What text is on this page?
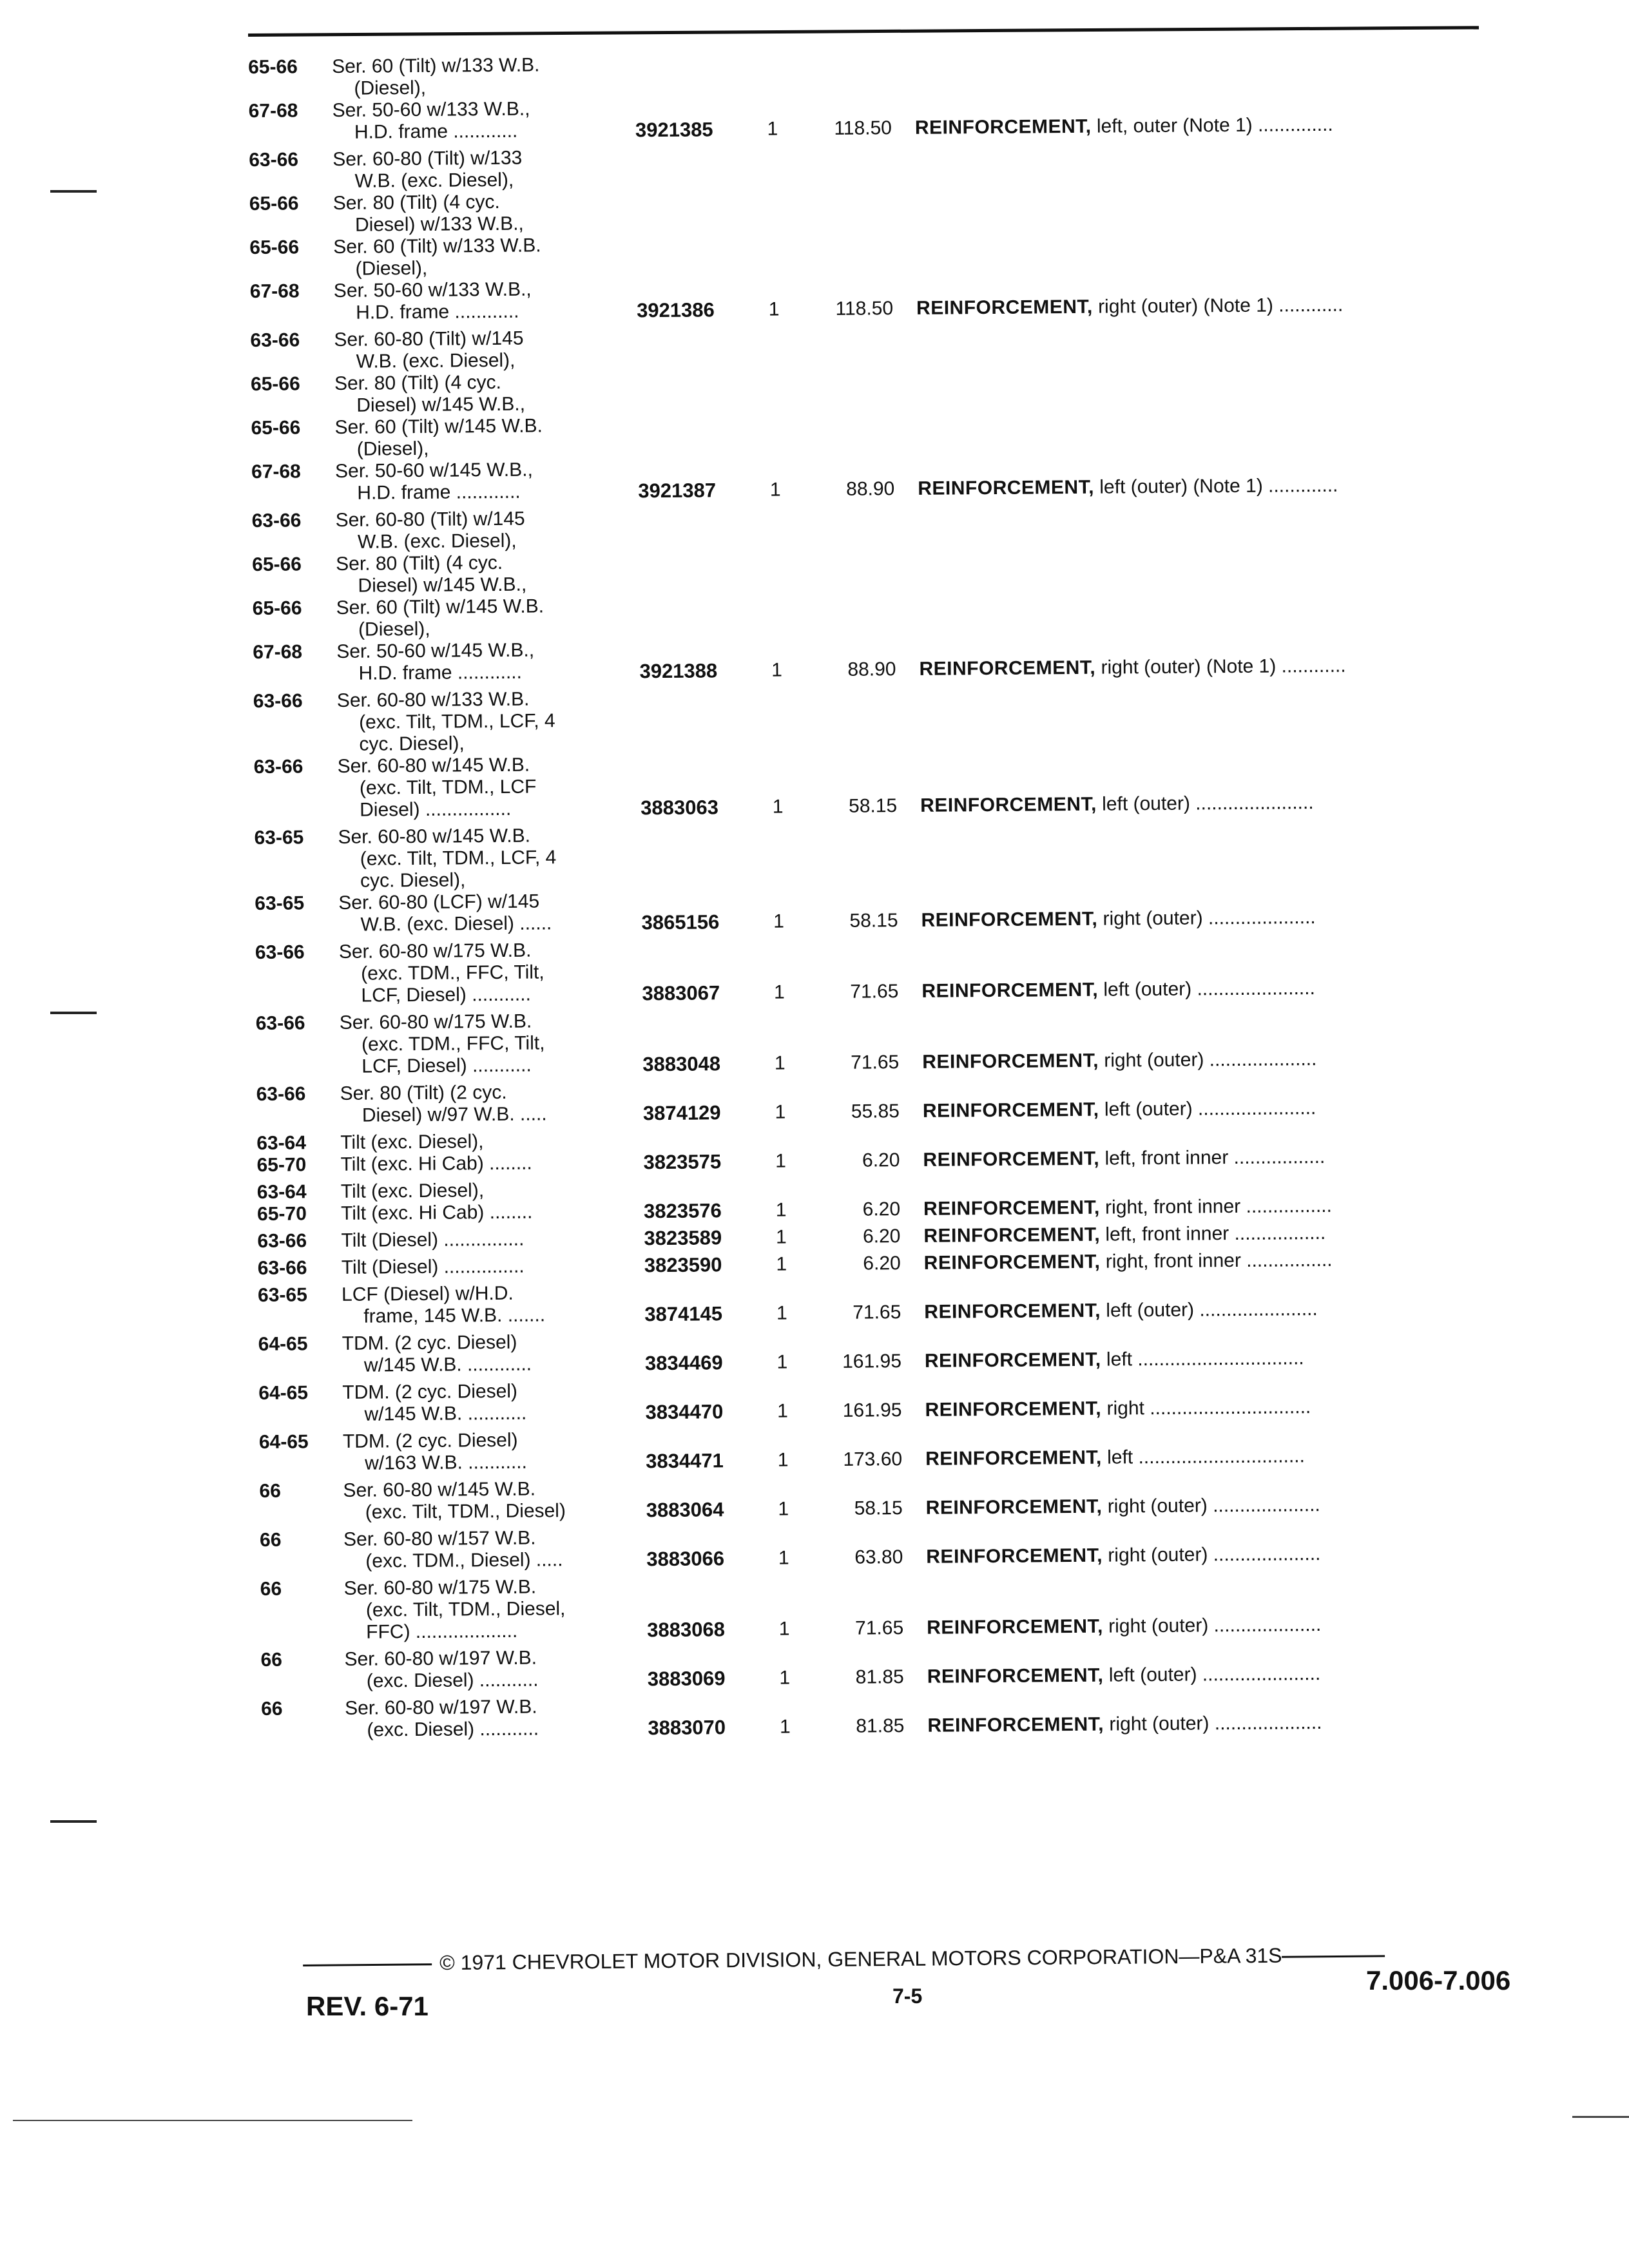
65-66	Ser. 60 (Tilt) w/133 W.B.
(Diesel),
67-68	Ser. 50-60 w/133 W.B.,
H.D. frame ............	3921385	1	118.50	REINFORCEMENT, left, outer (Note 1) ..............
63-66	Ser. 60-80 (Tilt) w/133
W.B. (exc. Diesel),
65-66	Ser. 80 (Tilt) (4 cyc.
Diesel) w/133 W.B.,
65-66	Ser. 60 (Tilt) w/133 W.B.
(Diesel),
67-68	Ser. 50-60 w/133 W.B.,
H.D. frame ............	3921386	1	118.50	REINFORCEMENT, right (outer) (Note 1) ............
63-66	Ser. 60-80 (Tilt) w/145
W.B. (exc. Diesel),
65-66	Ser. 80 (Tilt) (4 cyc.
Diesel) w/145 W.B.,
65-66	Ser. 60 (Tilt) w/145 W.B.
(Diesel),
67-68	Ser. 50-60 w/145 W.B.,
H.D. frame ............	3921387	1	88.90	REINFORCEMENT, left (outer) (Note 1) .............
63-66	Ser. 60-80 (Tilt) w/145
W.B. (exc. Diesel),
65-66	Ser. 80 (Tilt) (4 cyc.
Diesel) w/145 W.B.,
65-66	Ser. 60 (Tilt) w/145 W.B.
(Diesel),
67-68	Ser. 50-60 w/145 W.B.,
H.D. frame ............	3921388	1	88.90	REINFORCEMENT, right (outer) (Note 1) ............
63-66	Ser. 60-80 w/133 W.B.
(exc. Tilt, TDM., LCF, 4
cyc. Diesel),
63-66	Ser. 60-80 w/145 W.B.
(exc. Tilt, TDM., LCF
Diesel) ................	3883063	1	58.15	REINFORCEMENT, left (outer) ......................
63-65	Ser. 60-80 w/145 W.B.
(exc. Tilt, TDM., LCF, 4
cyc. Diesel),
63-65	Ser. 60-80 (LCF) w/145
W.B. (exc. Diesel) ......	3865156	1	58.15	REINFORCEMENT, right (outer) ....................
63-66	Ser. 60-80 w/175 W.B.
(exc. TDM., FFC, Tilt,
LCF, Diesel) ...........	3883067	1	71.65	REINFORCEMENT, left (outer) ......................
63-66	Ser. 60-80 w/175 W.B.
(exc. TDM., FFC, Tilt,
LCF, Diesel) ...........	3883048	1	71.65	REINFORCEMENT, right (outer) ....................
63-66	Ser. 80 (Tilt) (2 cyc.
Diesel) w/97 W.B. .....	3874129	1	55.85	REINFORCEMENT, left (outer) ......................
63-64	Tilt (exc. Diesel),
65-70	Tilt (exc. Hi Cab) ........	3823575	1	6.20	REINFORCEMENT, left, front inner .................
63-64	Tilt (exc. Diesel),
65-70	Tilt (exc. Hi Cab) ........	3823576	1	6.20	REINFORCEMENT, right, front inner ................
63-66	Tilt (Diesel) ...............	3823589	1	6.20	REINFORCEMENT, left, front inner .................
63-66	Tilt (Diesel) ...............	3823590	1	6.20	REINFORCEMENT, right, front inner ................
63-65	LCF (Diesel) w/H.D.
frame, 145 W.B. .......	3874145	1	71.65	REINFORCEMENT, left (outer) ......................
64-65	TDM. (2 cyc. Diesel)
w/145 W.B. ............	3834469	1	161.95	REINFORCEMENT, left ...............................
64-65	TDM. (2 cyc. Diesel)
w/145 W.B. ...........	3834470	1	161.95	REINFORCEMENT, right ..............................
64-65	TDM. (2 cyc. Diesel)
w/163 W.B. ...........	3834471	1	173.60	REINFORCEMENT, left ...............................
66	Ser. 60-80 w/145 W.B.
(exc. Tilt, TDM., Diesel)	3883064	1	58.15	REINFORCEMENT, right (outer) ....................
66	Ser. 60-80 w/157 W.B.
(exc. TDM., Diesel) .....	3883066	1	63.80	REINFORCEMENT, right (outer) ....................
66	Ser. 60-80 w/175 W.B.
(exc. Tilt, TDM., Diesel,
FFC) ...................	3883068	1	71.65	REINFORCEMENT, right (outer) ....................
66	Ser. 60-80 w/197 W.B.
(exc. Diesel) ...........	3883069	1	81.85	REINFORCEMENT, left (outer) ......................
66	Ser. 60-80 w/197 W.B.
(exc. Diesel) ...........	3883070	1	81.85	REINFORCEMENT, right (outer) ....................
© 1971 CHEVROLET MOTOR DIVISION, GENERAL MOTORS CORPORATION—P&A 31S
REV. 6-71	7-5
7.006-7.006
